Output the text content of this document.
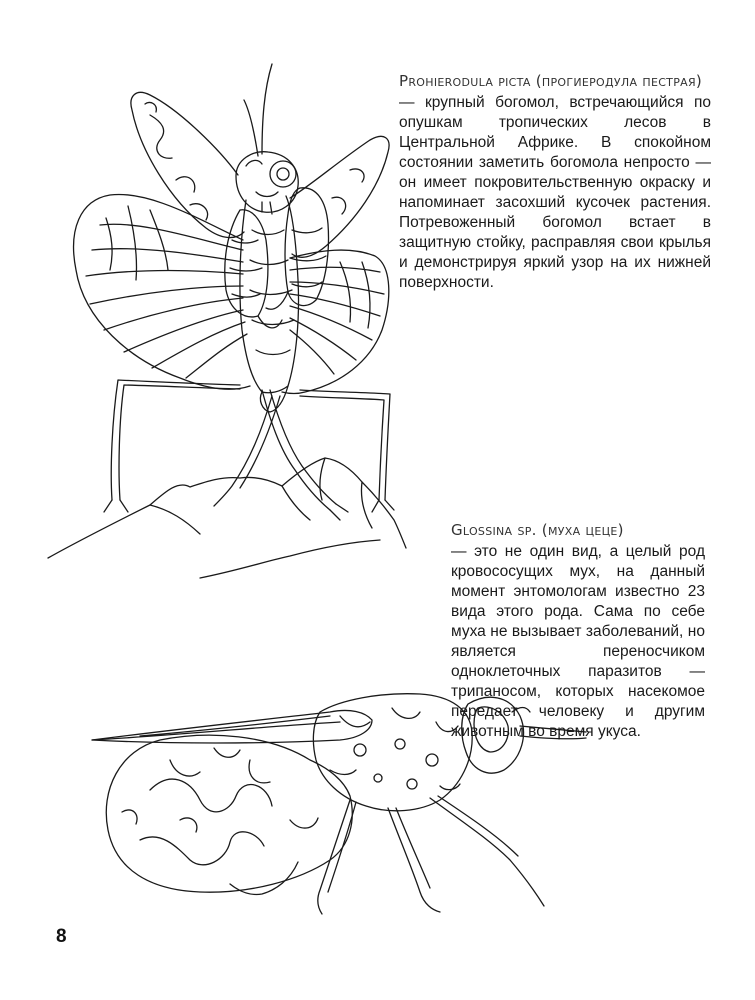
Prohierodula picta (прогиеродула пестрая)

— крупный богомол, встречающийся по опушкам тропических лесов в Центральной Африке. В спокойном состоянии заметить богомола непросто — он имеет покровительственную окраску и напоминает засохший кусочек растения. Потревоженный богомол встает в защитную стойку, расправляя свои крылья и демонстрируя яркий узор на их нижней поверхности.

Glossina sp. (муха цеце)

— это не один вид, а целый род кровососущих мух, на данный момент энтомологам известно 23 вида этого рода. Сама по себе муха не вызывает заболеваний, но является переносчиком одноклеточных паразитов — трипаносом, которых насекомое передает человеку и другим животным во время укуса.

8
